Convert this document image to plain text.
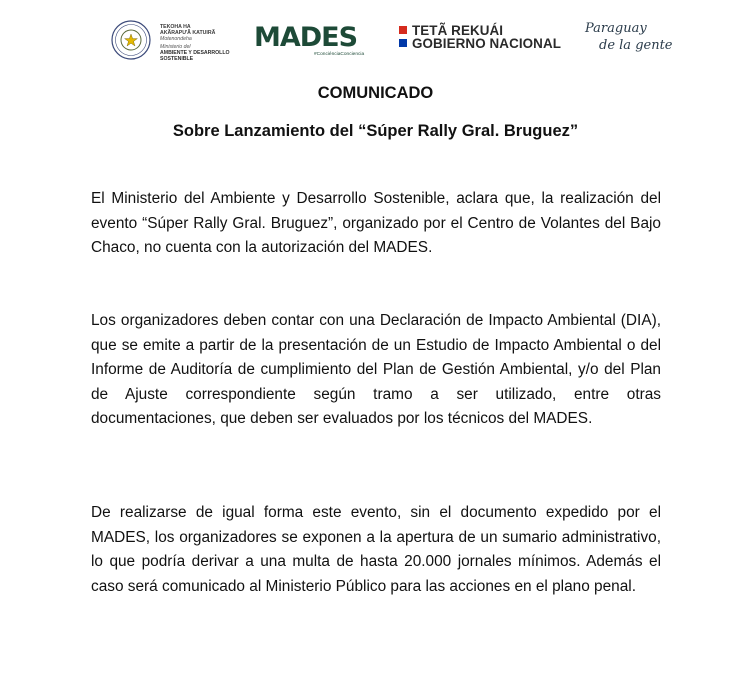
TEKOHA HA
AKÃRAPU'Ã KATUIRÃ
Motenondeha
Ministerio del
AMBIENTE Y DESARROLLO
SOSTENIBLE
MADES
#ConciénciaConciencia
TETÃ REKUÁI
GOBIERNO NACIONAL
Paraguay
de la gente
COMUNICADO
Sobre Lanzamiento del “Súper Rally Gral. Bruguez”
El Ministerio del Ambiente y Desarrollo Sostenible, aclara que, la realización del evento “Súper Rally Gral. Bruguez”, organizado por el Centro de Volantes del Bajo Chaco, no cuenta con la autorización del MADES.
Los organizadores deben contar con una Declaración de Impacto Ambiental (DIA), que se emite a partir de la presentación de un Estudio de Impacto Ambiental o del Informe de Auditoría de cumplimiento del Plan de Gestión Ambiental, y/o del Plan de Ajuste correspondiente según tramo a ser utilizado, entre otras documentaciones, que deben ser evaluados por los técnicos del MADES.
De realizarse de igual forma este evento, sin el documento expedido por el MADES, los organizadores se exponen a la apertura de un sumario administrativo, lo que podría derivar a una multa de hasta 20.000 jornales mínimos. Además el caso será comunicado al Ministerio Público para las acciones en el plano penal.
